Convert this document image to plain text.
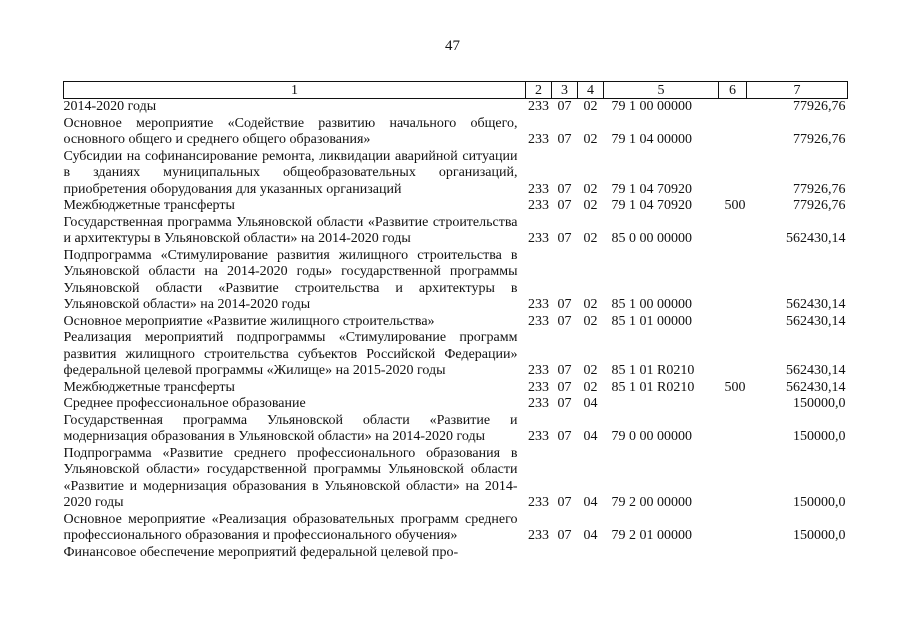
47
1	2	3	4	5	6	7
2014-2020 годы	233	07	02	79 1 00 00000		77926,76
Основное мероприятие «Содействие развитию начального общего, основного общего и среднего общего образования»	233	07	02	79 1 04 00000		77926,76
Субсидии на софинансирование ремонта, ликвидации аварийной ситуации в зданиях муниципальных общеобразовательных организаций, приобретения оборудования для указанных организаций	233	07	02	79 1 04 70920		77926,76
Межбюджетные трансферты	233	07	02	79 1 04 70920	500	77926,76
Государственная программа Ульяновской области «Развитие строительства и архитектуры в Ульяновской области» на 2014-2020 годы	233	07	02	85 0 00 00000		562430,14
Подпрограмма «Стимулирование развития жилищного строительства в Ульяновской области на 2014-2020 годы» государственной программы Ульяновской области «Развитие строительства и архитектуры в Ульяновской области» на 2014-2020 годы	233	07	02	85 1 00 00000		562430,14
Основное мероприятие «Развитие жилищного строительства»	233	07	02	85 1 01 00000		562430,14
Реализация мероприятий подпрограммы «Стимулирование программ развития жилищного строительства субъектов Российской Федерации» федеральной целевой программы «Жилище» на 2015-2020 годы	233	07	02	85 1 01 R0210		562430,14
Межбюджетные трансферты	233	07	02	85 1 01 R0210	500	562430,14
Среднее профессиональное образование	233	07	04			150000,0
Государственная программа Ульяновской области «Развитие и модернизация образования в Ульяновской области» на 2014-2020 годы	233	07	04	79 0 00 00000		150000,0
Подпрограмма «Развитие среднего профессионального образования в Ульяновской области» государственной программы Ульяновской области «Развитие и модернизация образования в Ульяновской области» на 2014-2020 годы	233	07	04	79 2 00 00000		150000,0
Основное мероприятие «Реализация образовательных программ среднего профессионального образования и профессионального обучения»	233	07	04	79 2 01 00000		150000,0
Финансовое обеспечение мероприятий федеральной целевой про-						
